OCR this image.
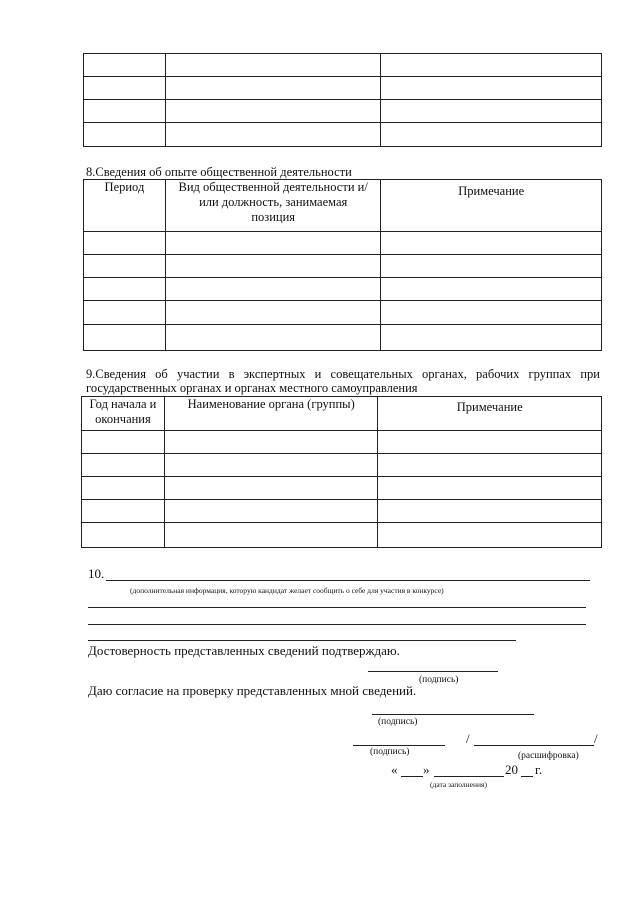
8.Сведения об опыте общественной деятельности
Период	Вид общественной деятельности и/или должность, занимаемая позиция	Примечание

9.Сведения об участии в экспертных и совещательных органах, рабочих группах при государственных органах и органах местного самоуправления
Год начала и окончания	Наименование органа (группы)	Примечание

10.
(дополнительная информация, которую кандидат желает сообщить о себе для участия в конкурсе)
Достоверность представленных сведений подтверждаю.
(подпись)
Даю согласие на проверку представленных мной сведений.
(подпись)
/	/
(подпись)	(расшифровка)
« »	20 г.
(дата заполнения)
